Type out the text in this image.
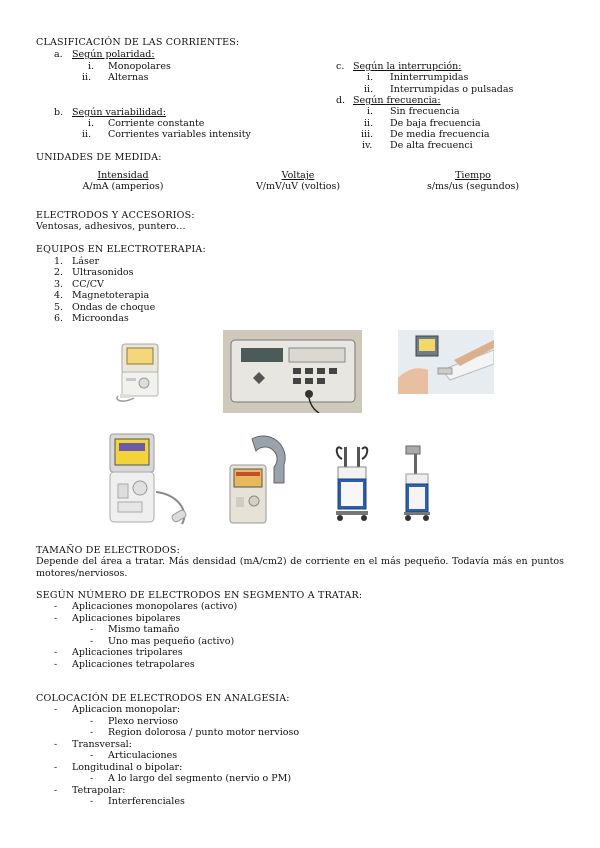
CLASIFICACIÓN DE LAS CORRIENTES:
a. Según polaridad:
i. Monopolares
ii. Alternas
b. Según variabilidad:
i. Corriente constante
ii. Corrientes variables intensity
c. Según la interrupción:
i. Ininterrumpidas
ii. Interrumpidas o pulsadas
d. Según frecuencia:
i. Sin frecuencia
ii. De baja frecuencia
iii. De media frecuencia
iv. De alta frecuenci
UNIDADES DE MEDIDA:
Intensidad
A/mA (amperios)
Voltaje
V/mV/uV (voltios)
Tiempo
s/ms/us (segundos)
ELECTRODOS Y ACCESORIOS:
Ventosas, adhesivos, puntero…
EQUIPOS EN ELECTROTERAPIA:
1. Láser
2. Ultrasonidos
3. CC/CV
4. Magnetoterapia
5. Ondas de choque
6. Microondas
TAMAÑO DE ELECTRODOS:
Depende del área a tratar. Más densidad (mA/cm2) de corriente en el más pequeño. Todavía más en puntos motores/nerviosos.
SEGÚN NÚMERO DE ELECTRODOS EN SEGMENTO A TRATAR:
- Aplicaciones monopolares (activo)
- Aplicaciones bipolares
- Mismo tamaño
- Uno mas pequeño (activo)
- Aplicaciones tripolares
- Aplicaciones tetrapolares
COLOCACIÓN DE ELECTRODOS EN ANALGESIA:
- Aplicacion monopolar:
- Plexo nervioso
- Region dolorosa / punto motor nervioso
- Transversal:
- Articulaciones
- Longitudinal o bipolar:
- A lo largo del segmento (nervio o PM)
- Tetrapolar:
- Interferenciales
